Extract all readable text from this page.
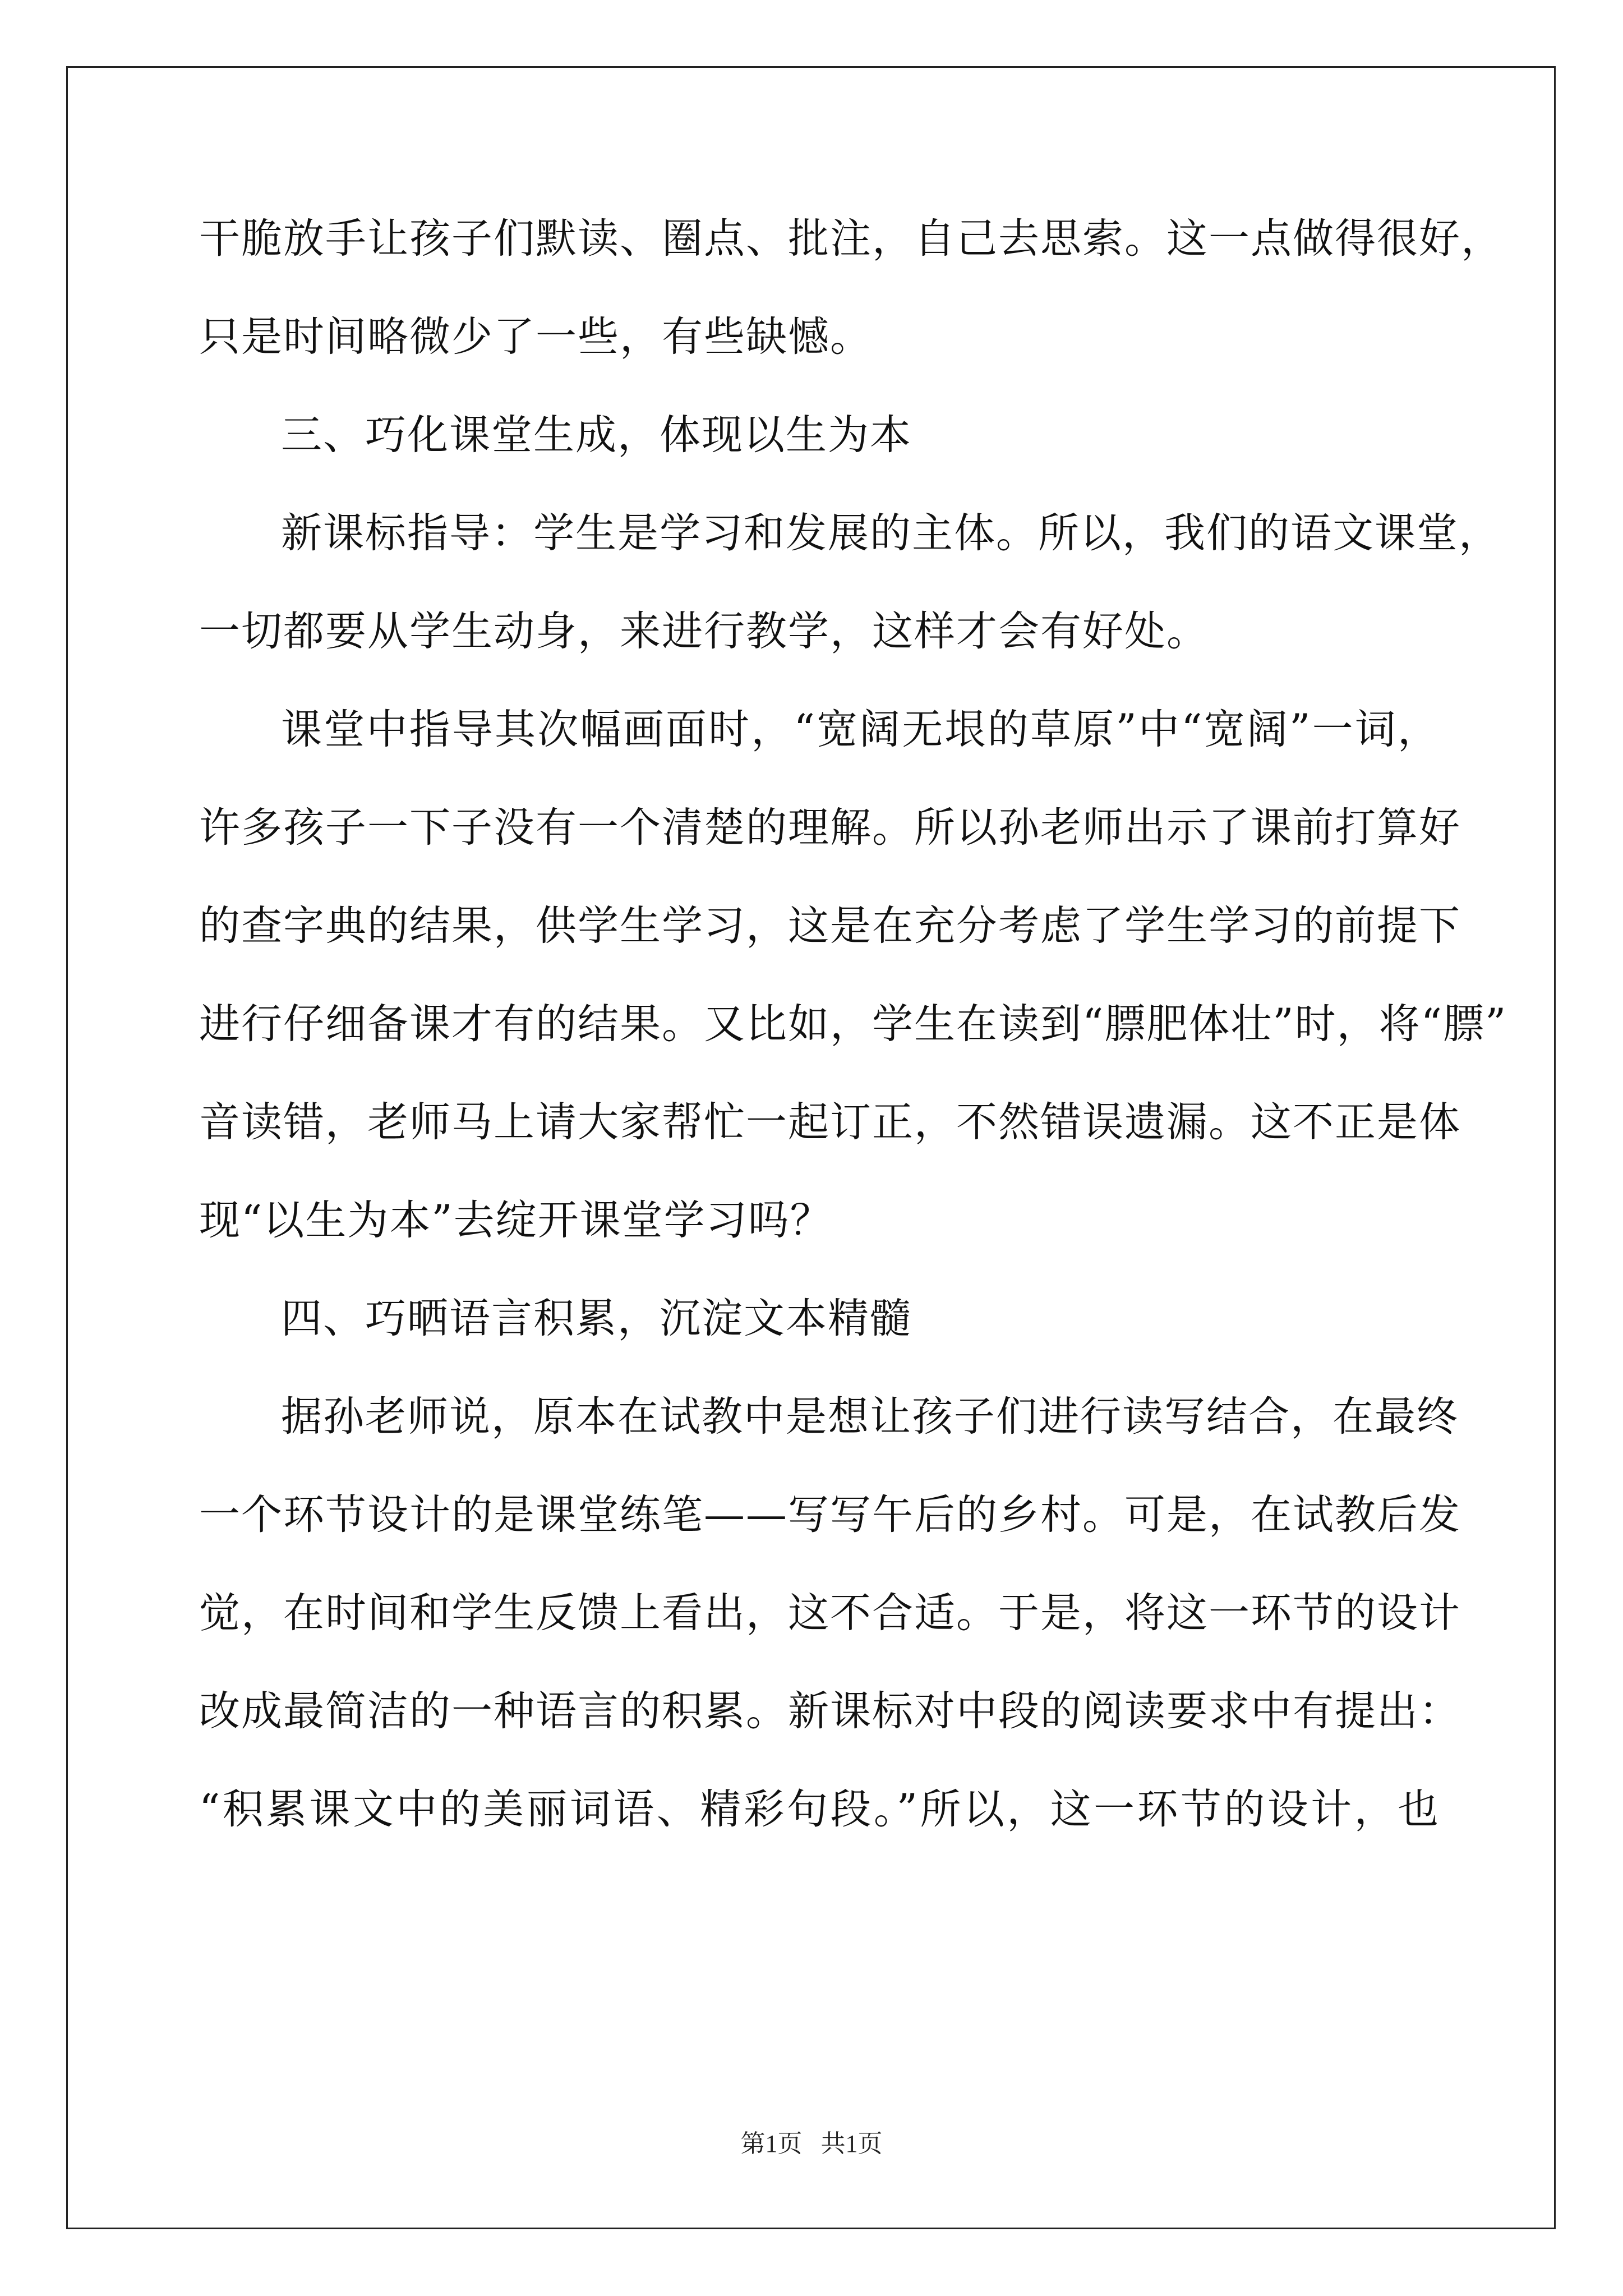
干脆放手让孩子们默读、圈点、批注，自己去思索。这一点做得很好，
只是时间略微少了一些，有些缺憾。
三、巧化课堂生成，体现以生为本
新课标指导：学生是学习和发展的主体。所以，我们的语文课堂，
一切都要从学生动身，来进行教学，这样才会有好处。
课堂中指导其次幅画面时，“宽阔无垠的草原”中“宽阔”一词，
许多孩子一下子没有一个清楚的理解。所以孙老师出示了课前打算好
的查字典的结果，供学生学习，这是在充分考虑了学生学习的前提下
进行仔细备课才有的结果。又比如，学生在读到“膘肥体壮”时，将“膘”
音读错，老师马上请大家帮忙一起订正，不然错误遗漏。这不正是体
现“以生为本”去绽开课堂学习吗？
四、巧晒语言积累，沉淀文本精髓
据孙老师说，原本在试教中是想让孩子们进行读写结合，在最终
一个环节设计的是课堂练笔——写写午后的乡村。可是，在试教后发
觉，在时间和学生反馈上看出，这不合适。于是，将这一环节的设计
改成最简洁的一种语言的积累。新课标对中段的阅读要求中有提出：
“积累课文中的美丽词语、精彩句段。”所以，这一环节的设计，也
第1页   共1页
